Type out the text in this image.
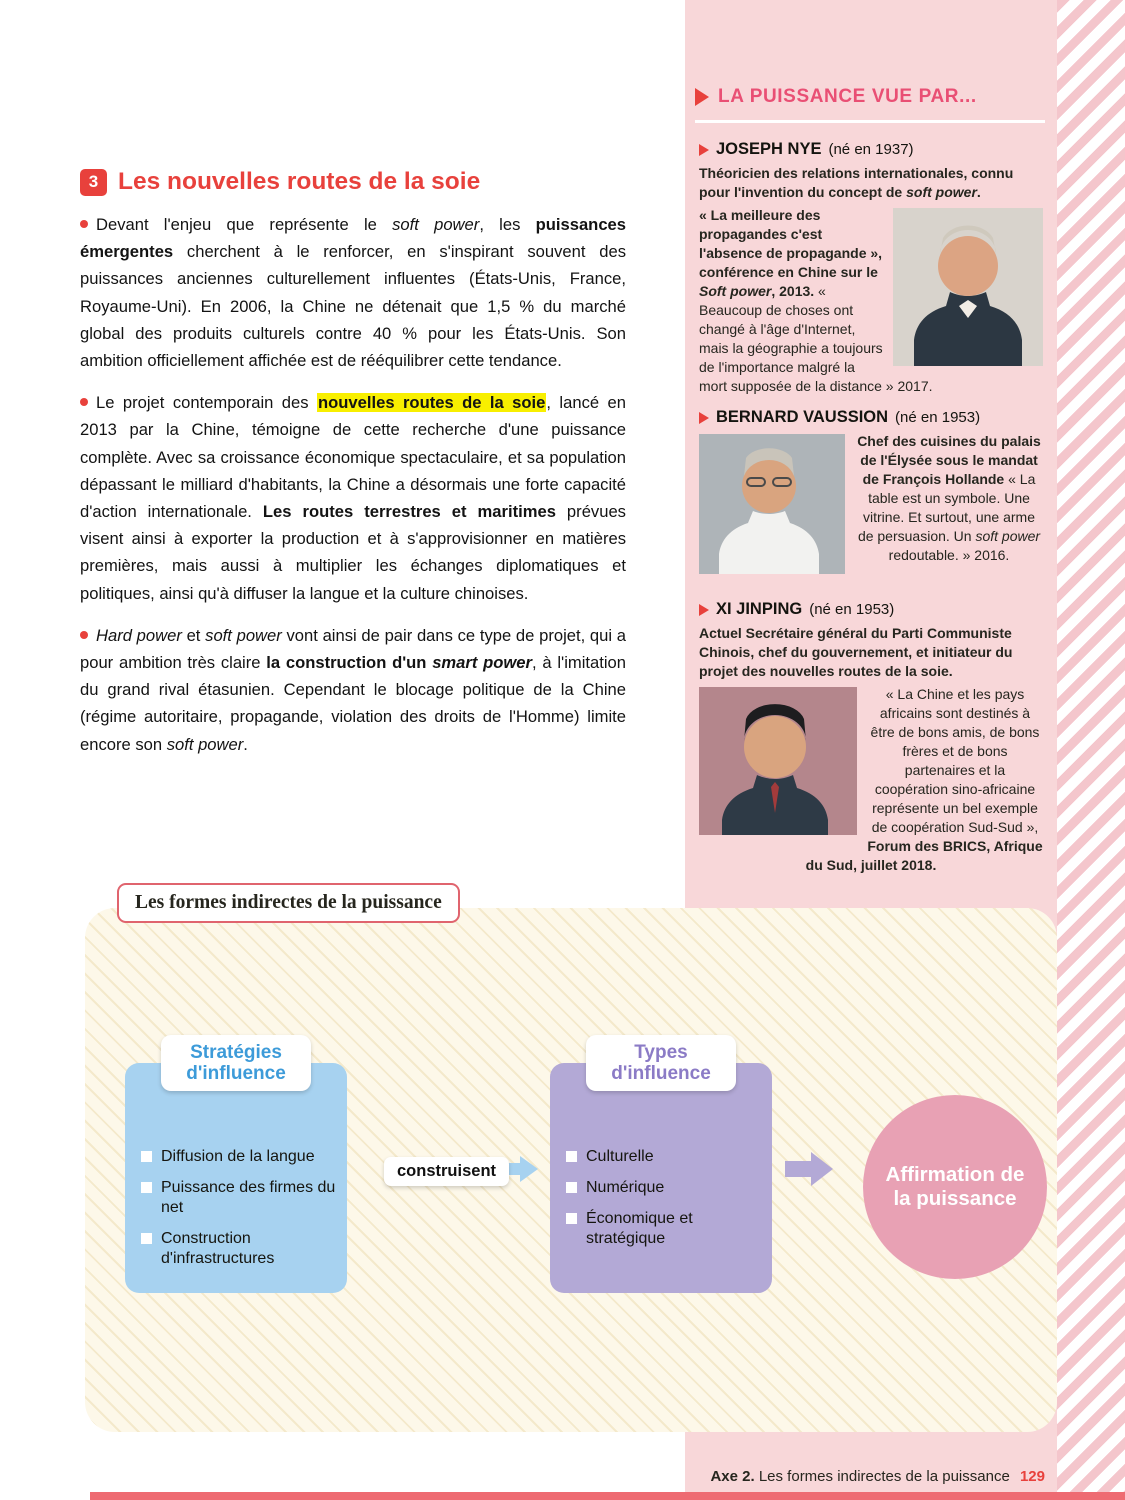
LA PUISSANCE VUE PAR...
JOSEPH NYE (né en 1937)
Théoricien des relations internationales, connu pour l'invention du concept de soft power.
« La meilleure des propagandes c'est l'absence de propagande », conférence en Chine sur le Soft power, 2013. « Beaucoup de choses ont changé à l'âge d'Internet, mais la géographie a toujours de l'importance malgré la mort supposée de la distance » 2017.
BERNARD VAUSSION (né en 1953)
Chef des cuisines du palais de l'Élysée sous le mandat de François Hollande « La table est un symbole. Une vitrine. Et surtout, une arme de persuasion. Un soft power redoutable. » 2016.
XI JINPING (né en 1953)
Actuel Secrétaire général du Parti Communiste Chinois, chef du gouvernement, et initiateur du projet des nouvelles routes de la soie.
« La Chine et les pays africains sont destinés à être de bons amis, de bons frères et de bons partenaires et la coopération sino-africaine représente un bel exemple de coopération Sud-Sud », Forum des BRICS, Afrique du Sud, juillet 2018.
3 Les nouvelles routes de la soie

Devant l'enjeu que représente le soft power, les puissances émergentes cherchent à le renforcer, en s'inspirant souvent des puissances anciennes culturellement influentes (États-Unis, France, Royaume-Uni). En 2006, la Chine ne détenait que 1,5 % du marché global des produits culturels contre 40 % pour les États-Unis. Son ambition officiellement affichée est de rééquilibrer cette tendance.

Le projet contemporain des nouvelles routes de la soie, lancé en 2013 par la Chine, témoigne de cette recherche d'une puissance complète. Avec sa croissance économique spectaculaire, et sa population dépassant le milliard d'habitants, la Chine a désormais une forte capacité d'action internationale. Les routes terrestres et maritimes prévues visent ainsi à exporter la production et à s'approvisionner en matières premières, mais aussi à multiplier les échanges diplomatiques et politiques, ainsi qu'à diffuser la langue et la culture chinoises.

Hard power et soft power vont ainsi de pair dans ce type de projet, qui a pour ambition très claire la construction d'un smart power, à l'imitation du grand rival étasunien. Cependant le blocage politique de la Chine (régime autoritaire, propagande, violation des droits de l'Homme) limite encore son soft power.

Les formes indirectes de la puissance
Stratégies d'influence
Diffusion de la langue
Puissance des firmes du net
Construction d'infrastructures
construisent
Types d'influence
Culturelle
Numérique
Économique et stratégique
Affirmation de la puissance
Axe 2. Les formes indirectes de la puissance 129
